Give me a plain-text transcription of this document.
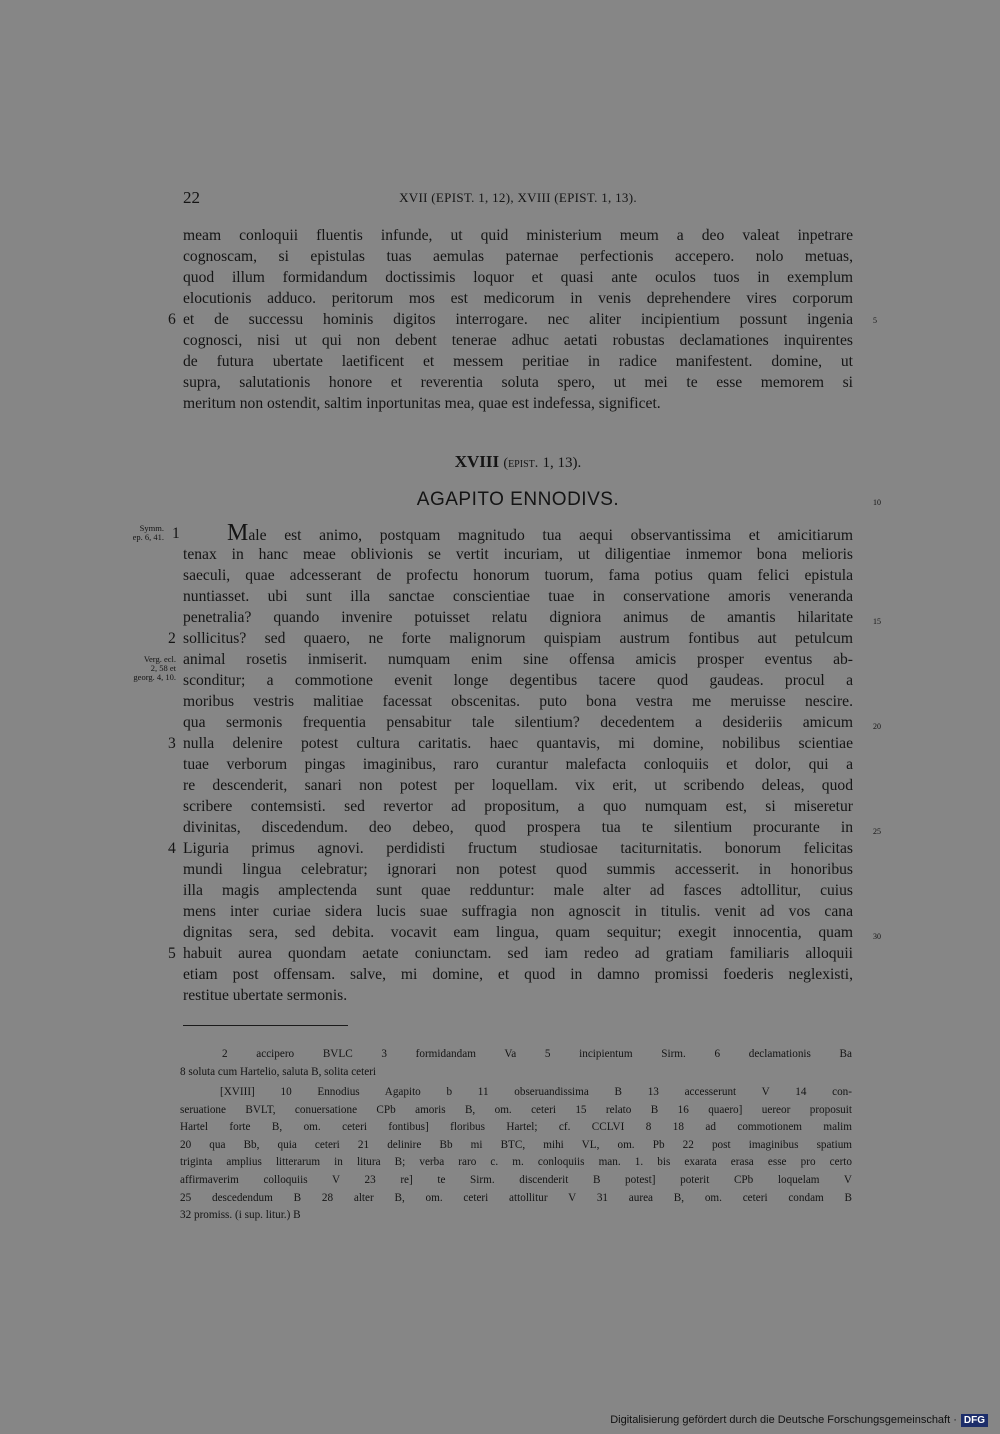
22	XVII (EPIST. 1, 12), XVIII (EPIST. 1, 13).
meam conloquii fluentis infunde, ut quid ministerium meum a deo valeat inpetrare
cognoscam, si epistulas tuas aemulas paternae perfectionis accepero. nolo metuas,
quod illum formidandum doctissimis loquor et quasi ante oculos tuos in exemplum
elocutionis adduco. peritorum mos est medicorum in venis deprehendere vires corporum
et de successu hominis digitos interrogare. nec aliter incipientium possunt ingenia
cognosci, nisi ut qui non debent tenerae adhuc aetati robustas declamationes inquirentes
de futura ubertate laetificent et messem peritiae in radice manifestent. domine, ut
supra, salutationis honore et reverentia soluta spero, ut mei te esse memorem si
meritum non ostendit, saltim inportunitas mea, quae est indefessa, significet.
6	5
XVIII (epist. 1, 13).
AGAPITO ENNODIVS.	10
Male est animo, postquam magnitudo tua aequi observantissima et amicitiarum
tenax in hanc meae oblivionis se vertit incuriam, ut diligentiae inmemor bona melioris
saeculi, quae adcesserant de profectu honorum tuorum, fama potius quam felici epistula
nuntiasset. ubi sunt illa sanctae conscientiae tuae in conservatione amoris veneranda
penetralia? quando invenire potuisset relatu digniora animus de amantis hilaritate
sollicitus? sed quaero, ne forte malignorum quispiam austrum fontibus aut petulcum
animal rosetis inmiserit. numquam enim sine offensa amicis prosper eventus ab-
sconditur; a commotione evenit longe degentibus tacere quod gaudeas. procul a
moribus vestris malitiae facessat obscenitas. puto bona vestra me meruisse nescire.
qua sermonis frequentia pensabitur tale silentium? decedentem a desideriis amicum
nulla delenire potest cultura caritatis. haec quantavis, mi domine, nobilibus scientiae
tuae verborum pingas imaginibus, raro curantur malefacta conloquiis et dolor, qui a
re descenderit, sanari non potest per loquellam. vix erit, ut scribendo deleas, quod
scribere contemsisti. sed revertor ad propositum, a quo numquam est, si miseretur
divinitas, discedendum. deo debeo, quod prospera tua te silentium procurante in
Liguria primus agnovi. perdidisti fructum studiosae taciturnitatis. bonorum felicitas
mundi lingua celebratur; ignorari non potest quod summis accesserit. in honoribus
illa magis amplectenda sunt quae redduntur: male alter ad fasces adtollitur, cuius
mens inter curiae sidera lucis suae suffragia non agnoscit in titulis. venit ad vos cana
dignitas sera, sed debita. vocavit eam lingua, quam sequitur; exegit innocentia, quam
habuit aurea quondam aetate coniunctam. sed iam redeo ad gratiam familiaris alloquii
etiam post offensam. salve, mi domine, et quod in damno promissi foederis neglexisti,
restitue ubertate sermonis.
1
2
3
4
5
15
20
25
30
Symm.
ep. 6, 41.
Verg. ecl.
2, 58 et
georg. 4, 10.
2 accipero BVLC 3 formidandam Va 5 incipientum Sirm. 6 declamationis Ba
8 soluta cum Hartelio, saluta B, solita ceteri
[XVIII] 10 Ennodius Agapito b 11 obseruandissima B 13 accesserunt V 14 con-
seruatione BVLT, conuersatione CPb amoris B, om. ceteri 15 relato B 16 quaero] uereor proposuit
Hartel forte B, om. ceteri fontibus] floribus Hartel; cf. CCLVI 8 18 ad commotionem malim
20 qua Bb, quia ceteri 21 delinire Bb mi BTC, mihi VL, om. Pb 22 post imaginibus spatium
triginta amplius litterarum in litura B; verba raro c. m. conloquiis man. 1. bis exarata erasa esse pro certo
affirmaverim colloquiis V 23 re] te Sirm. discenderit B potest] poterit CPb loquelam V
25 descedendum B 28 alter B, om. ceteri attollitur V 31 aurea B, om. ceteri condam B
32 promiss. (i sup. litur.) B
Digitalisierung gefördert durch die Deutsche Forschungsgemeinschaft · DFG
